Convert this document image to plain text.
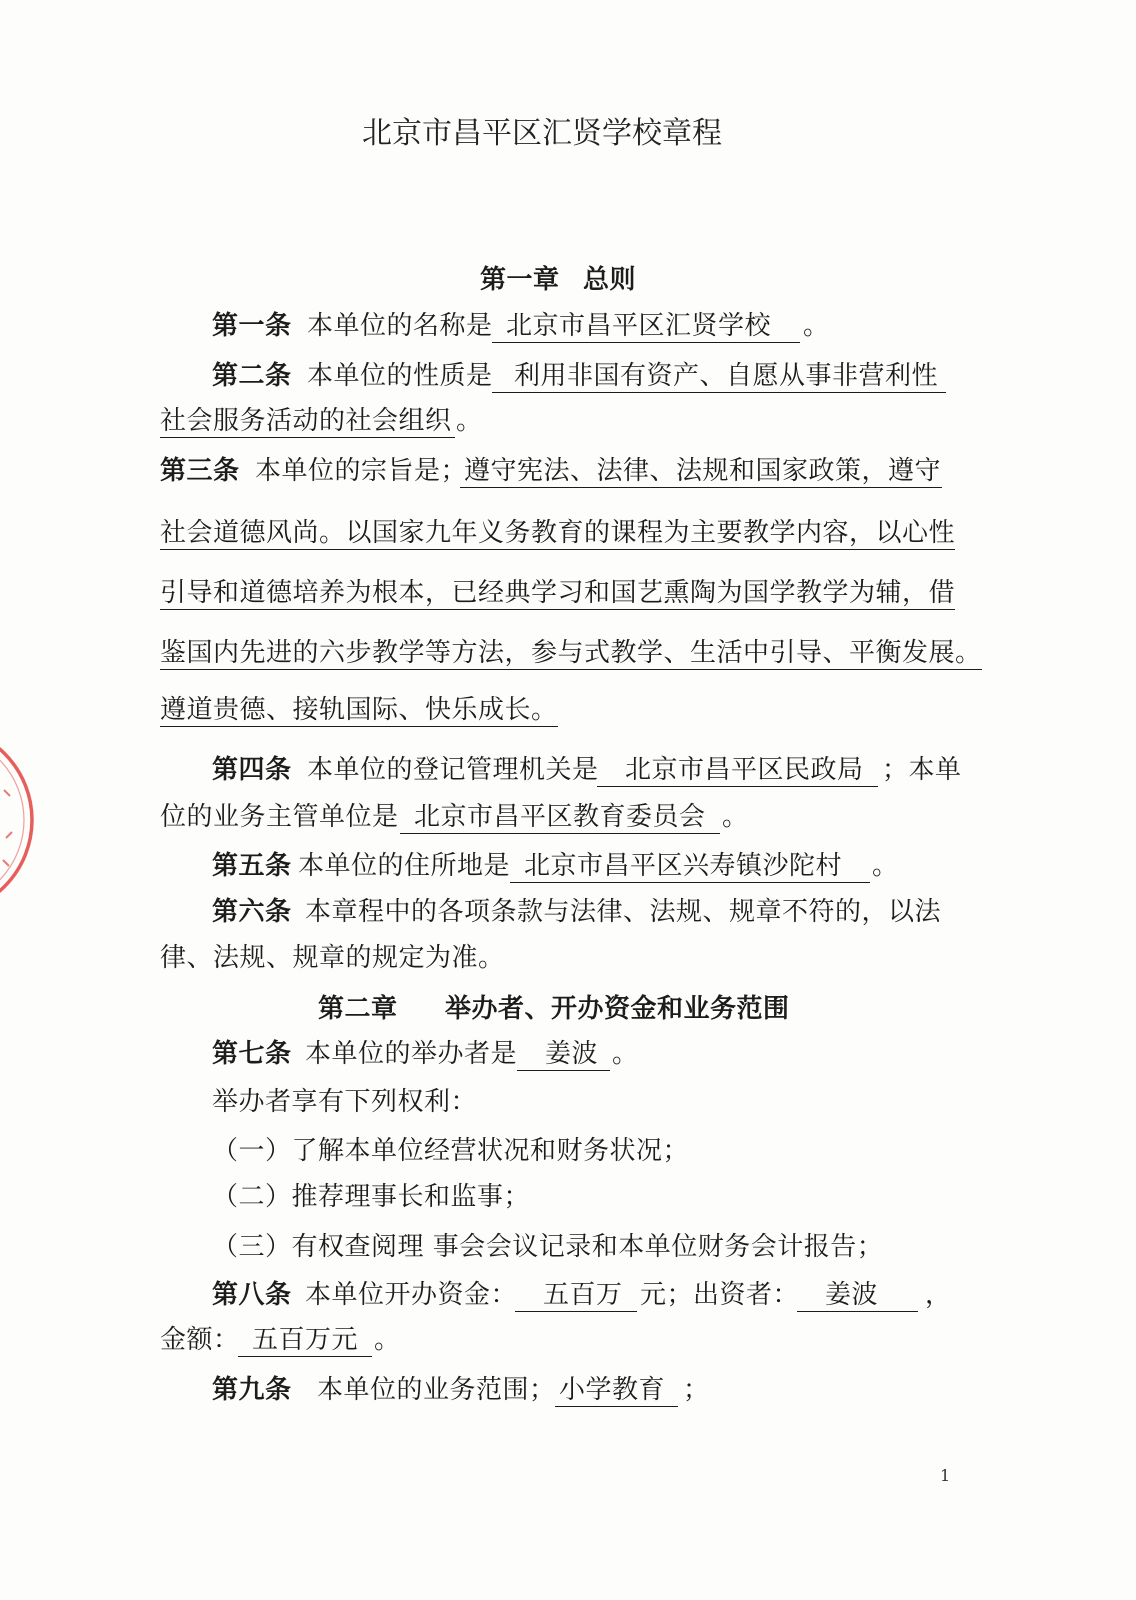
北京市昌平区汇贤学校章程
第一章 总则
第一条 本单位的名称是 北京市昌平区汇贤学校	。
第二条 本单位的性质是 利用非国有资产、自愿从事非营利性
社会服务活动的社会组织 。
第三条 本单位的宗旨是；
遵守宪法、法律、法规和国家政策，遵守
社会道德风尚。以国家九年义务教育的课程为主要教学内容，以心性
引导和道德培养为根本，已经典学习和国艺熏陶为国学教学为辅，借
鉴国内先进的六步教学等方法，参与式教学、生活中引导、平衡发展。
遵道贵德、接轨国际、快乐成长。
第四条 本单位的登记管理机关是	北京市昌平区民政局 ；本单
位的业务主管单位是 北京市昌平区教育委员会 。
第五条 本单位的住所地是 北京市昌平区兴寿镇沙陀村	。
第六条 本章程中的各项条款与法律、法规、规章不符的，以法
律、法规、规章的规定为准。
第二章 举办者、开办资金和业务范围
第七条 本单位的举办者是	姜波 。
举办者享有下列权利：
（一）了解本单位经营状况和财务状况；
（二）推荐理事长和监事；
（三）有权查阅理 事会会议记录和本单位财务会计报告；
第八条 本单位开办资金： 五百万 元；出资者： 姜波	，
金额： 五百万元 。
第九条 本单位的业务范围； 小学教育 ；
1
